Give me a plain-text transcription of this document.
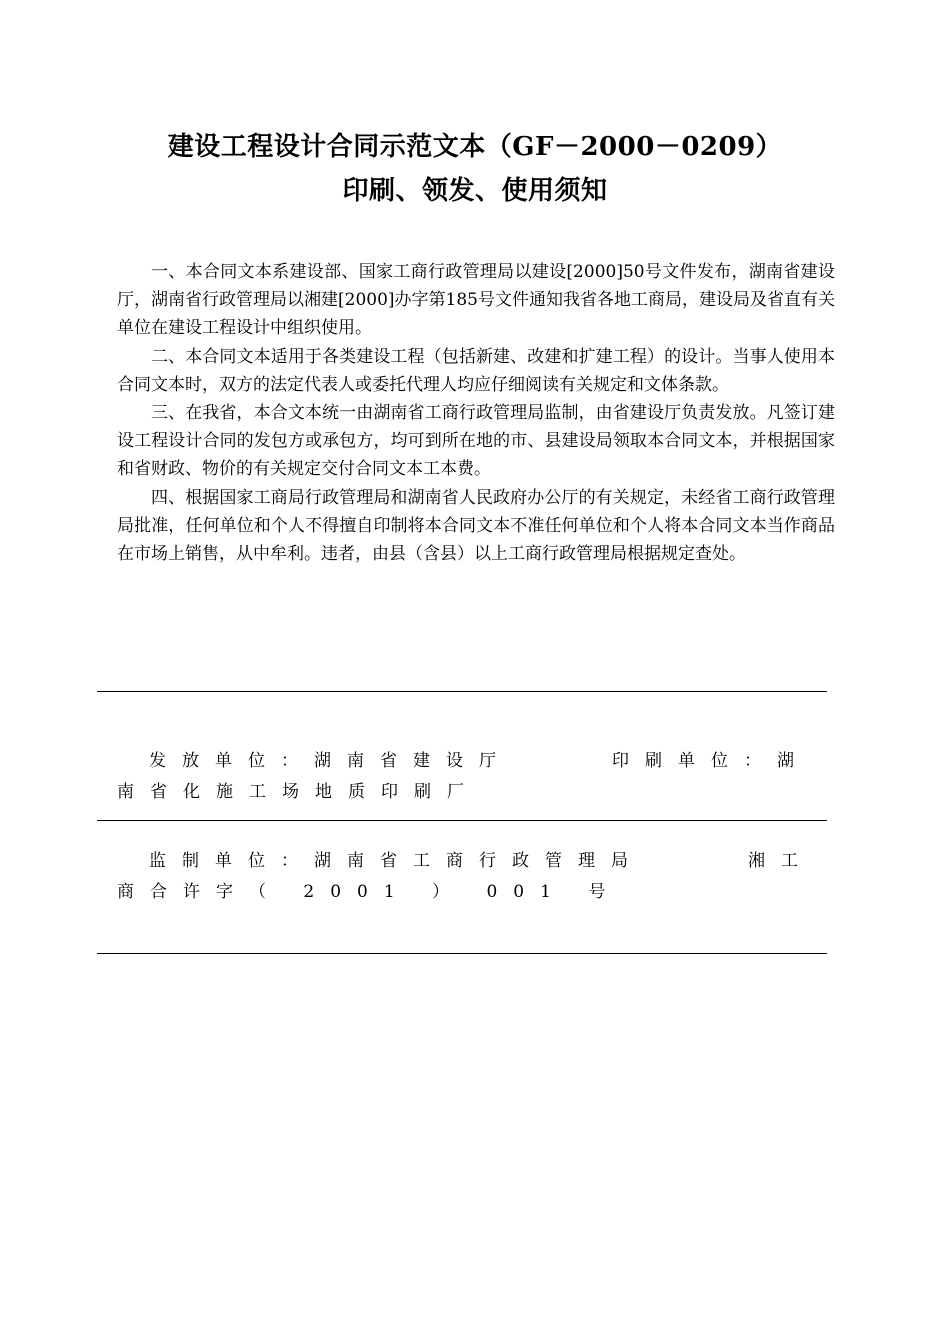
建设工程设计合同示范文本（GF－2000－0209）
印刷、领发、使用须知

一、本合同文本系建设部、国家工商行政管理局以建设[2000]50号文件发布，湖南省建设厅，湖南省行政管理局以湘建[2000]办字第185号文件通知我省各地工商局，建设局及省直有关单位在建设工程设计中组织使用。

二、本合同文本适用于各类建设工程（包括新建、改建和扩建工程）的设计。当事人使用本合同文本时，双方的法定代表人或委托代理人均应仔细阅读有关规定和文体条款。

三、在我省，本合文本统一由湖南省工商行政管理局监制，由省建设厅负责发放。凡签订建设工程设计合同的发包方或承包方，均可到所在地的市、县建设局领取本合同文本，并根据国家和省财政、物价的有关规定交付合同文本工本费。

四、根据国家工商局行政管理局和湖南省人民政府办公厅的有关规定，未经省工商行政管理局批准，任何单位和个人不得擅自印制将本合同文本不准任何单位和个人将本合同文本当作商品在市场上销售，从中牟利。违者，由县（含县）以上工商行政管理局根据规定查处。

发放单位：湖南省建设厅	印刷单位：湖
南省化施工场地质印刷厂
监制单位：湖南省工商行政管理局	湘工
商合许字（ 2001 ） 001 号
